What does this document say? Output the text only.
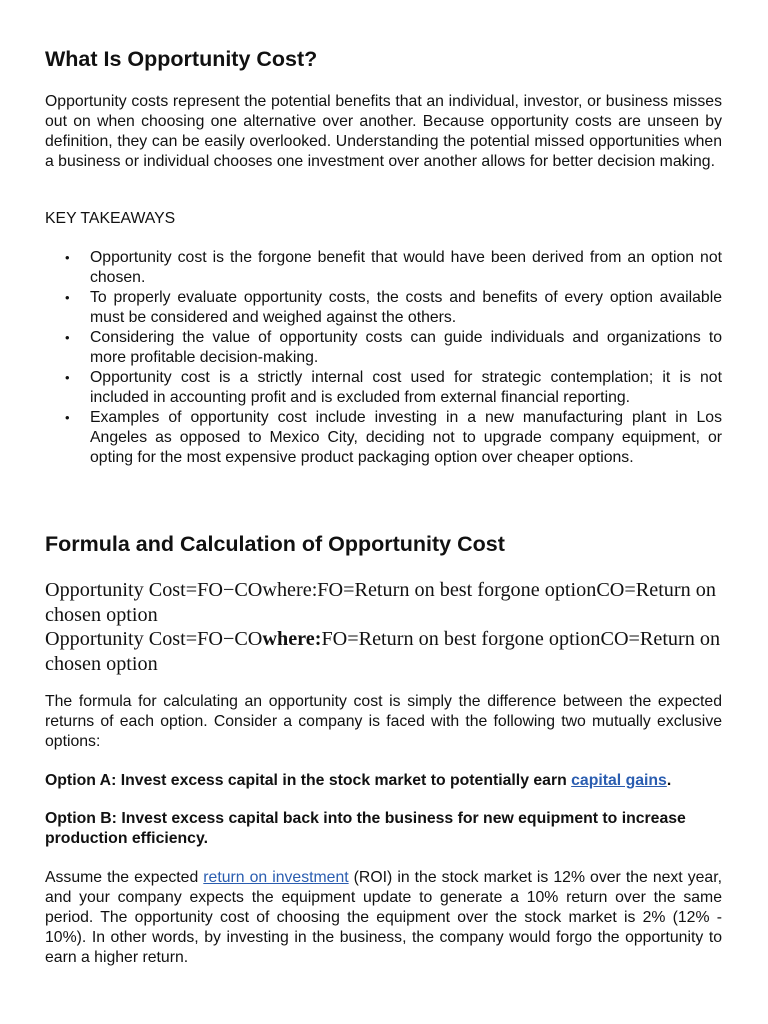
What Is Opportunity Cost?

Opportunity costs represent the potential benefits that an individual, investor, or business misses out on when choosing one alternative over another. Because opportunity costs are unseen by definition, they can be easily overlooked. Understanding the potential missed opportunities when a business or individual chooses one investment over another allows for better decision making.

KEY TAKEAWAYS

• Opportunity cost is the forgone benefit that would have been derived from an option not chosen.
• To properly evaluate opportunity costs, the costs and benefits of every option available must be considered and weighed against the others.
• Considering the value of opportunity costs can guide individuals and organizations to more profitable decision-making.
• Opportunity cost is a strictly internal cost used for strategic contemplation; it is not included in accounting profit and is excluded from external financial reporting.
• Examples of opportunity cost include investing in a new manufacturing plant in Los Angeles as opposed to Mexico City, deciding not to upgrade company equipment, or opting for the most expensive product packaging option over cheaper options.
Formula and Calculation of Opportunity Cost
Opportunity Cost=FO−COwhere:FO=Return on best forgone optionCO=Return on chosen option
Opportunity Cost=FO−COwhere:FO=Return on best forgone optionCO=Return on chosen option

The formula for calculating an opportunity cost is simply the difference between the expected returns of each option. Consider a company is faced with the following two mutually exclusive options:

Option A: Invest excess capital in the stock market to potentially earn capital gains.

Option B: Invest excess capital back into the business for new equipment to increase production efficiency.

Assume the expected return on investment (ROI) in the stock market is 12% over the next year, and your company expects the equipment update to generate a 10% return over the same period. The opportunity cost of choosing the equipment over the stock market is 2% (12% - 10%). In other words, by investing in the business, the company would forgo the opportunity to earn a higher return.
